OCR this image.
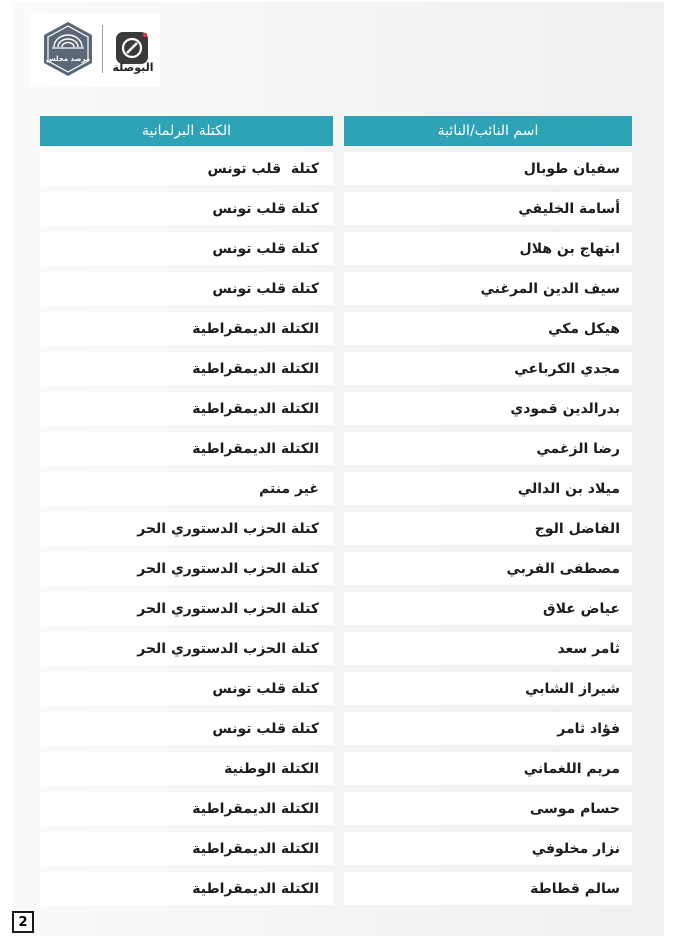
مرصد مجلس
البوصلة
اسم النائب/النائبة
الكتلة البرلمانية
سفيان طوبال
كتلة  قلب تونس
أسامة الخليفي
كتلة قلب تونس
ابتهاج بن هلال
كتلة قلب تونس
سيف الدين المرغني
كتلة قلب تونس
هيكل مكي
الكتلة الديمقراطية
مجدي الكرباعي
الكتلة الديمقراطية
بدرالدين قمودي
الكتلة الديمقراطية
رضا الزغمي
الكتلة الديمقراطية
ميلاد بن الدالي
غير منتم
الفاضل الوج
كتلة الحزب الدستوري الحر
مصطفى الفربي
كتلة الحزب الدستوري الحر
عياض علاق
كتلة الحزب الدستوري الحر
ثامر سعد
كتلة الحزب الدستوري الحر
شيراز الشابي
كتلة قلب تونس
فؤاد ثامر
كتلة قلب تونس
مريم اللغماني
الكتلة الوطنية
حسام موسى
الكتلة الديمقراطية
نزار مخلوفي
الكتلة الديمقراطية
سالم قطاطة
الكتلة الديمقراطية
2
